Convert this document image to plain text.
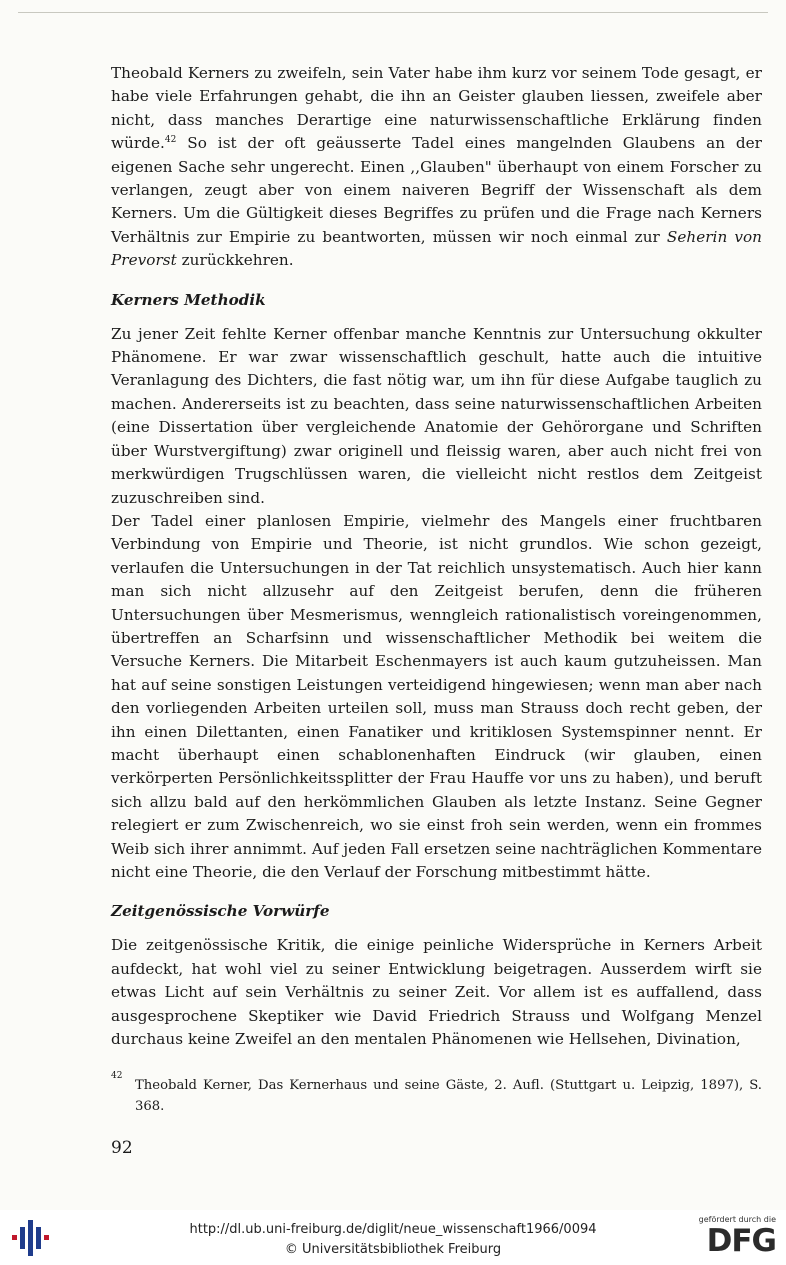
Theobald Kerners zu zweifeln, sein Vater habe ihm kurz vor seinem Tode gesagt, er habe viele Erfahrungen gehabt, die ihn an Geister glauben liessen, zweifele aber nicht, dass manches Derartige eine naturwissenschaftliche Erklärung finden würde.$^{42}$ So ist der oft geäusserte Tadel eines mangelnden Glaubens an der eigenen Sache sehr ungerecht. Einen ,,Glauben" überhaupt von einem Forscher zu verlangen, zeugt aber von einem naiveren Begriff der Wissenschaft als dem Kerners. Um die Gültigkeit dieses Begriffes zu prüfen und die Frage nach Kerners Verhältnis zur Empirie zu beantworten, müssen wir noch einmal zur Seherin von Prevorst zurückkehren.

Kerners Methodik

Zu jener Zeit fehlte Kerner offenbar manche Kenntnis zur Untersuchung okkulter Phänomene. Er war zwar wissenschaftlich geschult, hatte auch die intuitive Veranlagung des Dichters, die fast nötig war, um ihn für diese Aufgabe tauglich zu machen. Andererseits ist zu beachten, dass seine naturwissenschaftlichen Arbeiten (eine Dissertation über vergleichende Anatomie der Gehörorgane und Schriften über Wurstvergiftung) zwar originell und fleissig waren, aber auch nicht frei von merkwürdigen Trugschlüssen waren, die vielleicht nicht restlos dem Zeitgeist zuzuschreiben sind.

Der Tadel einer planlosen Empirie, vielmehr des Mangels einer fruchtbaren Verbindung von Empirie und Theorie, ist nicht grundlos. Wie schon gezeigt, verlaufen die Untersuchungen in der Tat reichlich unsystematisch. Auch hier kann man sich nicht allzusehr auf den Zeitgeist berufen, denn die früheren Untersuchungen über Mesmerismus, wenngleich rationalistisch voreingenommen, übertreffen an Scharfsinn und wissenschaftlicher Methodik bei weitem die Versuche Kerners. Die Mitarbeit Eschenmayers ist auch kaum gutzuheissen. Man hat auf seine sonstigen Leistungen verteidigend hingewiesen; wenn man aber nach den vorliegenden Arbeiten urteilen soll, muss man Strauss doch recht geben, der ihn einen Dilettanten, einen Fanatiker und kritiklosen Systemspinner nennt. Er macht überhaupt einen schablonenhaften Eindruck (wir glauben, einen verkörperten Persönlichkeitssplitter der Frau Hauffe vor uns zu haben), und beruft sich allzu bald auf den herkömmlichen Glauben als letzte Instanz. Seine Gegner relegiert er zum Zwischenreich, wo sie einst froh sein werden, wenn ein frommes Weib sich ihrer annimmt. Auf jeden Fall ersetzen seine nachträglichen Kommentare nicht eine Theorie, die den Verlauf der Forschung mitbestimmt hätte.

Zeitgenössische Vorwürfe

Die zeitgenössische Kritik, die einige peinliche Widersprüche in Kerners Arbeit aufdeckt, hat wohl viel zu seiner Entwicklung beigetragen. Ausserdem wirft sie etwas Licht auf sein Verhältnis zu seiner Zeit. Vor allem ist es auffallend, dass ausgesprochene Skeptiker wie David Friedrich Strauss und Wolfgang Menzel durchaus keine Zweifel an den mentalen Phänomenen wie Hellsehen, Divination,

42
Theobald Kerner, Das Kernerhaus und seine Gäste, 2. Aufl. (Stuttgart u. Leipzig, 1897), S. 368.
92
http://dl.ub.uni-freiburg.de/diglit/neue_wissenschaft1966/0094
© Universitätsbibliothek Freiburg
gefördert durch die
DFG
